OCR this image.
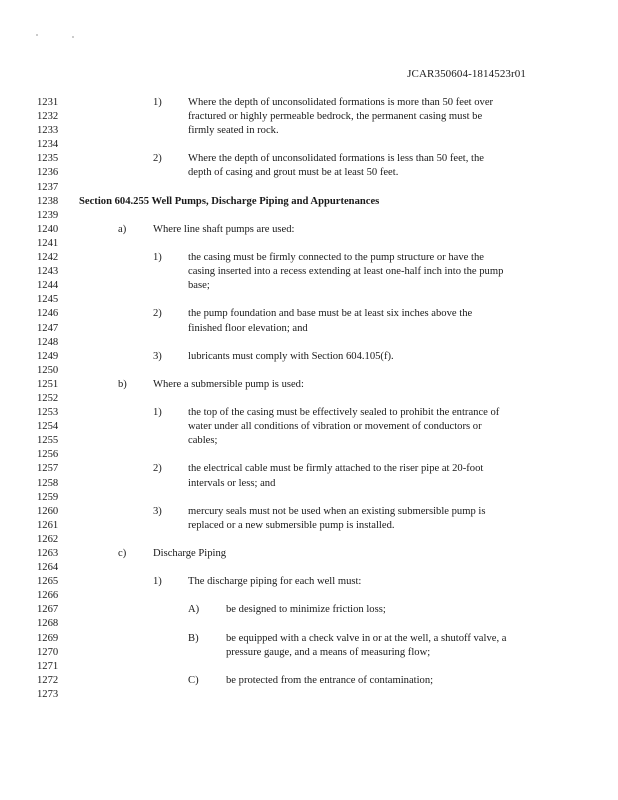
JCAR350604-1814523r01
1231	1) Where the depth of unconsolidated formations is more than 50 feet over
1232	fractured or highly permeable bedrock, the permanent casing must be
1233	firmly seated in rock.
1234
1235	2) Where the depth of unconsolidated formations is less than 50 feet, the
1236	depth of casing and grout must be at least 50 feet.
1237
1238	Section 604.255 Well Pumps, Discharge Piping and Appurtenances
1239
1240	a)	Where line shaft pumps are used:
1241
1242	1) the casing must be firmly connected to the pump structure or have the
1243	casing inserted into a recess extending at least one-half inch into the pump
1244	base;
1245
1246	2) the pump foundation and base must be at least six inches above the
1247	finished floor elevation; and
1248
1249	3) lubricants must comply with Section 604.105(f).
1250
1251	b) Where a submersible pump is used:
1252
1253	1) the top of the casing must be effectively sealed to prohibit the entrance of
1254	water under all conditions of vibration or movement of conductors or
1255	cables;
1256
1257	2) the electrical cable must be firmly attached to the riser pipe at 20-foot
1258	intervals or less; and
1259
1260	3) mercury seals must not be used when an existing submersible pump is
1261	replaced or a new submersible pump is installed.
1262
1263	c)	Discharge Piping
1264
1265	1) The discharge piping for each well must:
1266
1267	A)	be designed to minimize friction loss;
1268
1269	B)	be equipped with a check valve in or at the well, a shutoff valve, a
1270	pressure gauge, and a means of measuring flow;
1271
1272	C)	be protected from the entrance of contamination;
1273
